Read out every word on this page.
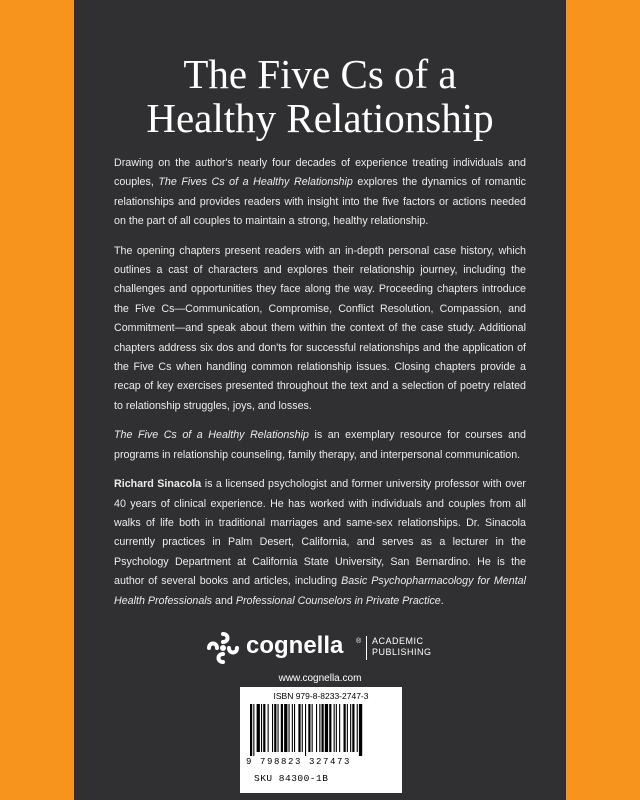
The Five Cs of a
Healthy Relationship

Drawing on the author's nearly four decades of experience treating individuals and couples, The Fives Cs of a Healthy Relationship explores the dynamics of romantic relationships and provides readers with insight into the five factors or actions needed on the part of all couples to maintain a strong, healthy relationship.

The opening chapters present readers with an in-depth personal case history, which outlines a cast of characters and explores their relationship journey, including the challenges and opportunities they face along the way. Proceeding chapters introduce the Five Cs—Communication, Compromise, Conflict Resolution, Compassion, and Commitment—and speak about them within the context of the case study. Additional chapters address six dos and don'ts for successful relationships and the application of the Five Cs when handling common relationship issues. Closing chapters provide a recap of key exercises presented throughout the text and a selection of poetry related to relationship struggles, joys, and losses.

The Five Cs of a Healthy Relationship is an exemplary resource for courses and programs in relationship counseling, family therapy, and interpersonal communication.

Richard Sinacola is a licensed psychologist and former university professor with over 40 years of clinical experience. He has worked with individuals and couples from all walks of life both in traditional marriages and same-sex relationships. Dr. Sinacola currently practices in Palm Desert, California, and serves as a lecturer in the Psychology Department at California State University, San Bernardino. He is the author of several books and articles, including Basic Psychopharmacology for Mental Health Professionals and Professional Counselors in Private Practice.

cognella ® ACADEMIC
PUBLISHING
www.cognella.com
ISBN 979-8-8233-2747-3
9 798823 327473
SKU 84300-1B
